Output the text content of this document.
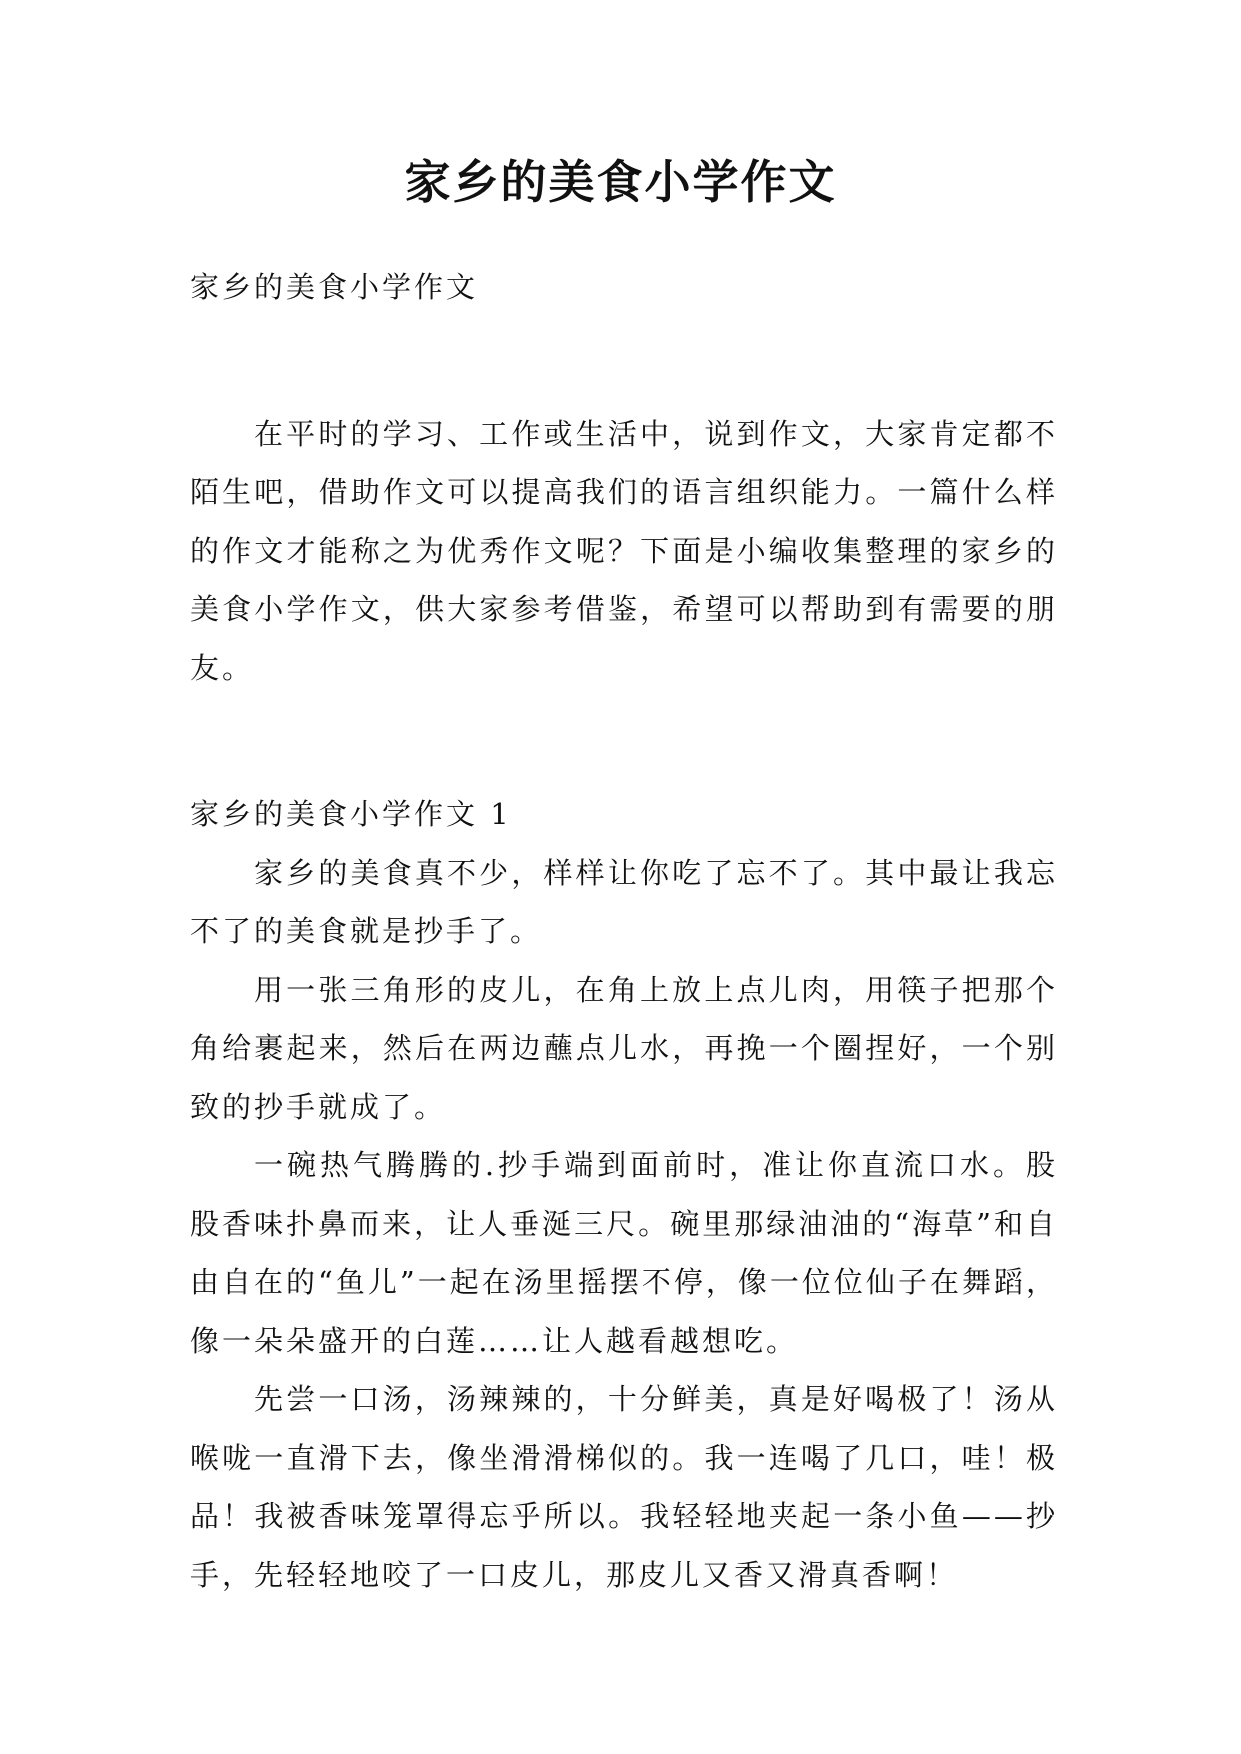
家乡的美食小学作文

家乡的美食小学作文

在平时的学习、工作或生活中，说到作文，大家肯定都不陌生吧，借助作文可以提高我们的语言组织能力。一篇什么样的作文才能称之为优秀作文呢？下面是小编收集整理的家乡的美食小学作文，供大家参考借鉴，希望可以帮助到有需要的朋友。

家乡的美食小学作文 1

家乡的美食真不少，样样让你吃了忘不了。其中最让我忘不了的美食就是抄手了。

用一张三角形的皮儿，在角上放上点儿肉，用筷子把那个角给裹起来，然后在两边蘸点儿水，再挽一个圈捏好，一个别致的抄手就成了。

一碗热气腾腾的.抄手端到面前时，准让你直流口水。股股香味扑鼻而来，让人垂涎三尺。碗里那绿油油的“海草”和自由自在的“鱼儿”一起在汤里摇摆不停，像一位位仙子在舞蹈，像一朵朵盛开的白莲……让人越看越想吃。

先尝一口汤，汤辣辣的，十分鲜美，真是好喝极了！汤从喉咙一直滑下去，像坐滑滑梯似的。我一连喝了几口，哇！极品！我被香味笼罩得忘乎所以。我轻轻地夹起一条小鱼——抄手，先轻轻地咬了一口皮儿，那皮儿又香又滑真香啊！
